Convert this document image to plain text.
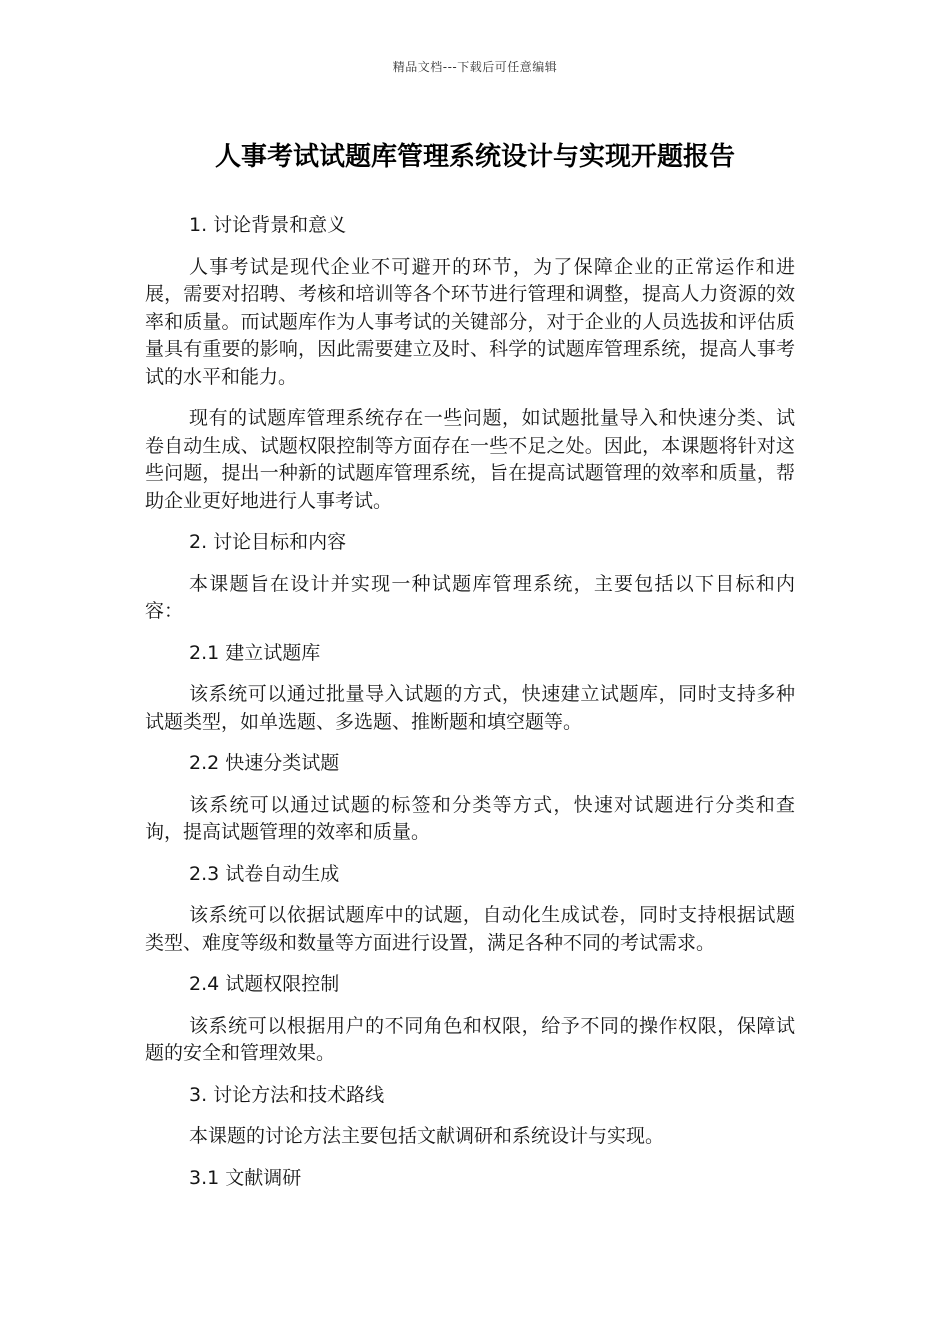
精品文档---下载后可任意编辑
人事考试试题库管理系统设计与实现开题报告

1. 讨论背景和意义

人事考试是现代企业不可避开的环节，为了保障企业的正常运作和进展，需要对招聘、考核和培训等各个环节进行管理和调整，提高人力资源的效率和质量。而试题库作为人事考试的关键部分，对于企业的人员选拔和评估质量具有重要的影响，因此需要建立及时、科学的试题库管理系统，提高人事考试的水平和能力。

现有的试题库管理系统存在一些问题，如试题批量导入和快速分类、试卷自动生成、试题权限控制等方面存在一些不足之处。因此，本课题将针对这些问题，提出一种新的试题库管理系统，旨在提高试题管理的效率和质量，帮助企业更好地进行人事考试。

2. 讨论目标和内容

本课题旨在设计并实现一种试题库管理系统，主要包括以下目标和内容：

2.1 建立试题库

该系统可以通过批量导入试题的方式，快速建立试题库，同时支持多种试题类型，如单选题、多选题、推断题和填空题等。

2.2 快速分类试题

该系统可以通过试题的标签和分类等方式，快速对试题进行分类和查询，提高试题管理的效率和质量。

2.3 试卷自动生成

该系统可以依据试题库中的试题，自动化生成试卷，同时支持根据试题类型、难度等级和数量等方面进行设置，满足各种不同的考试需求。

2.4 试题权限控制

该系统可以根据用户的不同角色和权限，给予不同的操作权限，保障试题的安全和管理效果。

3. 讨论方法和技术路线

本课题的讨论方法主要包括文献调研和系统设计与实现。

3.1 文献调研
